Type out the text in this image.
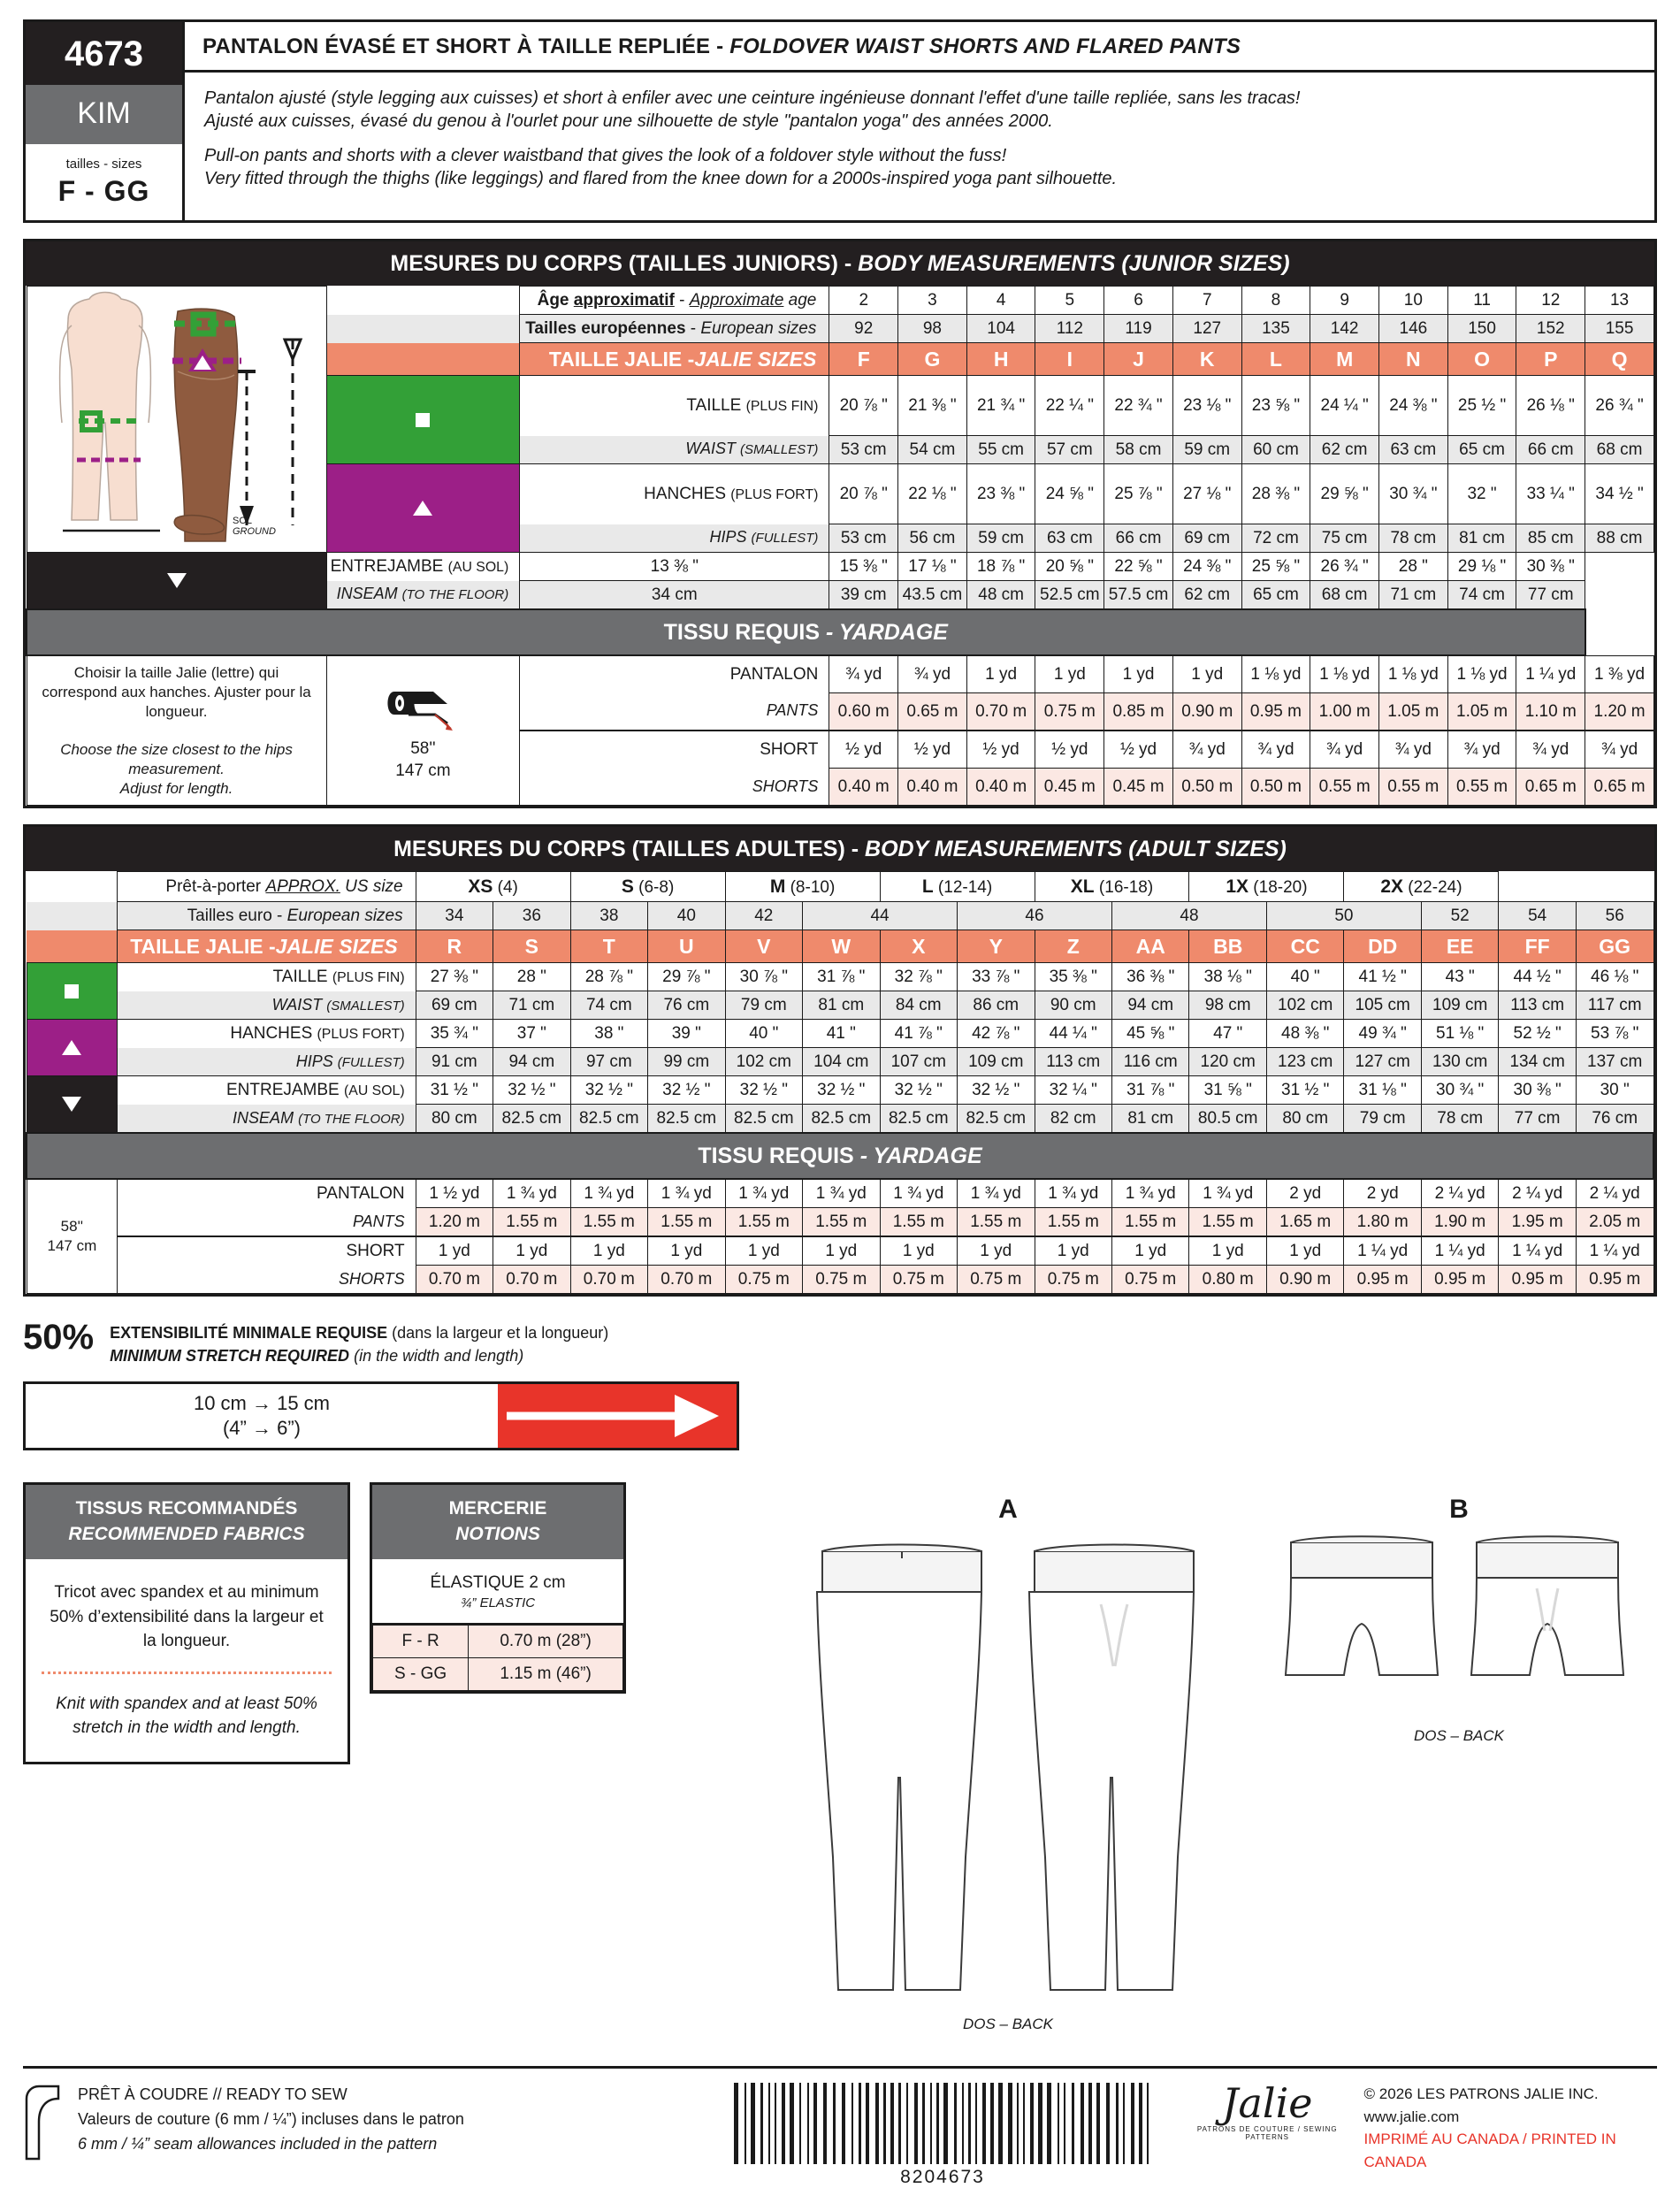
4673
KIM
tailles - sizes
F - GG
PANTALON ÉVASÉ ET SHORT À TAILLE REPLIÉE - FOLDOVER WAIST SHORTS AND FLARED PANTS

Pantalon ajusté (style legging aux cuisses) et short à enfiler avec une ceinture ingénieuse donnant l'effet d'une taille repliée, sans les tracas!
Ajusté aux cuisses, évasé du genou à l'ourlet pour une silhouette de style "pantalon yoga" des années 2000.

Pull-on pants and shorts with a clever waistband that gives the look of a foldover style without the fuss!
Very fitted through the thighs (like leggings) and flared from the knee down for a 2000s-inspired yoga pant silhouette.

MESURES DU CORPS (TAILLES JUNIORS) - BODY MEASUREMENTS (JUNIOR SIZES)
SOL
GROUND		Âge approximatif - Approximate age	2	3	4	5	6	7	8	9	10	11	12	13
		Tailles européennes - European sizes	92	98	104	112	119	127	135	142	146	150	152	155
		TAILLE JALIE -JALIE SIZES	F	G	H	I	J	K	L	M	N	O	P	Q

		TAILLE (PLUS FIN)	20 ⅞ "	21 ⅜ "	21 ¾ "	22 ¼ "	22 ¾ "	23 ⅛ "	23 ⅝ "	24 ¼ "	24 ⅜ "	25 ½ "	26 ⅛ "	26 ¾ "
		WAIST (SMALLEST)	53 cm	54 cm	55 cm	57 cm	58 cm	59 cm	60 cm	62 cm	63 cm	65 cm	66 cm	68 cm

		HANCHES (PLUS FORT)	20 ⅞ "	22 ⅛ "	23 ⅜ "	24 ⅝ "	25 ⅞ "	27 ⅛ "	28 ⅜ "	29 ⅝ "	30 ¾ "	32 "	33 ¼ "	34 ½ "
		HIPS (FULLEST)	53 cm	56 cm	59 cm	63 cm	66 cm	69 cm	72 cm	75 cm	78 cm	81 cm	85 cm	88 cm

	ENTREJAMBE (AU SOL)	13 ⅜ "	15 ⅜ "	17 ⅛ "	18 ⅞ "	20 ⅝ "	22 ⅝ "	24 ⅜ "	25 ⅝ "	26 ¾ "	28 "	29 ⅛ "	30 ⅜ "	
	INSEAM (TO THE FLOOR)	34 cm	39 cm	43.5 cm	48 cm	52.5 cm	57.5 cm	62 cm	65 cm	68 cm	71 cm	74 cm	77 cm	
TISSU REQUIS - YARDAGE														
Choisir la taille Jalie (lettre) qui correspond aux hanches. Ajuster pour la longueur.

Choose the size closest to the hips measurement.
Adjust for length.	
58''
147 cm
	PANTALON	¾ yd	¾ yd	1 yd	1 yd	1 yd	1 yd	1 ⅛ yd	1 ⅛ yd	1 ⅛ yd	1 ⅛ yd	1 ¼ yd	1 ⅜ yd
		PANTS	0.60 m	0.65 m	0.70 m	0.75 m	0.85 m	0.90 m	0.95 m	1.00 m	1.05 m	1.05 m	1.10 m	1.20 m
		SHORT	½ yd	½ yd	½ yd	½ yd	½ yd	¾ yd	¾ yd	¾ yd	¾ yd	¾ yd	¾ yd	¾ yd
		SHORTS	0.40 m	0.40 m	0.40 m	0.45 m	0.45 m	0.50 m	0.50 m	0.55 m	0.55 m	0.55 m	0.65 m	0.65 m
MESURES DU CORPS (TAILLES ADULTES) - BODY MEASUREMENTS (ADULT SIZES)
	Prêt-à-porter APPROX. US size	XS (4)		S (6-8)		M (8-10)		L (12-14)		XL (16-18)		1X (18-20)		2X (22-24)			
	Tailles euro - European sizes	34	36	38	40	42	44		46		48		50		52	54	56
	TAILLE JALIE -JALIE SIZES	R	S	T	U	V	W	X	Y	Z	AA	BB	CC	DD	EE	FF	GG

	TAILLE (PLUS FIN)	27 ⅜ "	28 "	28 ⅞ "	29 ⅞ "	30 ⅞ "	31 ⅞ "	32 ⅞ "	33 ⅞ "	35 ⅜ "	36 ⅜ "	38 ⅛ "	40 "	41 ½ "	43 "	44 ½ "	46 ⅛ "
	WAIST (SMALLEST)	69 cm	71 cm	74 cm	76 cm	79 cm	81 cm	84 cm	86 cm	90 cm	94 cm	98 cm	102 cm	105 cm	109 cm	113 cm	117 cm

	HANCHES (PLUS FORT)	35 ¾ "	37 "	38 "	39 "	40 "	41 "	41 ⅞ "	42 ⅞ "	44 ¼ "	45 ⅝ "	47 "	48 ⅜ "	49 ¾ "	51 ⅛ "	52 ½ "	53 ⅞ "
	HIPS (FULLEST)	91 cm	94 cm	97 cm	99 cm	102 cm	104 cm	107 cm	109 cm	113 cm	116 cm	120 cm	123 cm	127 cm	130 cm	134 cm	137 cm

	ENTREJAMBE (AU SOL)	31 ½ "	32 ½ "	32 ½ "	32 ½ "	32 ½ "	32 ½ "	32 ½ "	32 ½ "	32 ¼ "	31 ⅞ "	31 ⅝ "	31 ½ "	31 ⅛ "	30 ¾ "	30 ⅜ "	30 "
	INSEAM (TO THE FLOOR)	80 cm	82.5 cm	82.5 cm	82.5 cm	82.5 cm	82.5 cm	82.5 cm	82.5 cm	82 cm	81 cm	80.5 cm	80 cm	79 cm	78 cm	77 cm	76 cm
TISSU REQUIS - YARDAGE																	

58''
147 cm	PANTALON	1 ½ yd	1 ¾ yd	1 ¾ yd	1 ¾ yd	1 ¾ yd	1 ¾ yd	1 ¾ yd	1 ¾ yd	1 ¾ yd	1 ¾ yd	1 ¾ yd	2 yd	2 yd	2 ¼ yd	2 ¼ yd	2 ¼ yd
	PANTS	1.20 m	1.55 m	1.55 m	1.55 m	1.55 m	1.55 m	1.55 m	1.55 m	1.55 m	1.55 m	1.55 m	1.65 m	1.80 m	1.90 m	1.95 m	2.05 m
	SHORT	1 yd	1 yd	1 yd	1 yd	1 yd	1 yd	1 yd	1 yd	1 yd	1 yd	1 yd	1 yd	1 ¼ yd	1 ¼ yd	1 ¼ yd	1 ¼ yd
	SHORTS	0.70 m	0.70 m	0.70 m	0.70 m	0.75 m	0.75 m	0.75 m	0.75 m	0.75 m	0.75 m	0.80 m	0.90 m	0.95 m	0.95 m	0.95 m	0.95 m
50%	EXTENSIBILITÉ MINIMALE REQUISE (dans la largeur et la longueur)
MINIMUM STRETCH REQUIRED (in the width and length)
10 cm → 15 cm
(4” → 6”)
TISSUS RECOMMANDÉS
RECOMMENDED FABRICS
Tricot avec spandex et au minimum 50% d’extensibilité dans la largeur et la longueur.
Knit with spandex and at least 50% stretch in the width and length.
MERCERIE
NOTIONS
ÉLASTIQUE 2 cm
¾” ELASTIC
F - R	0.70 m (28”)
S - GG	1.15 m (46”)
A
DOS – BACK
B
DOS – BACK
PRÊT À COUDRE // READY TO SEW
Valeurs de couture (6 mm / ¼”) incluses dans le patron
6 mm / ¼” seam allowances included in the pattern
8204673
Jalie
PATRONS DE COUTURE / SEWING PATTERNS
© 2026 LES PATRONS JALIE INC.
www.jalie.com
IMPRIMÉ AU CANADA / PRINTED IN CANADA
